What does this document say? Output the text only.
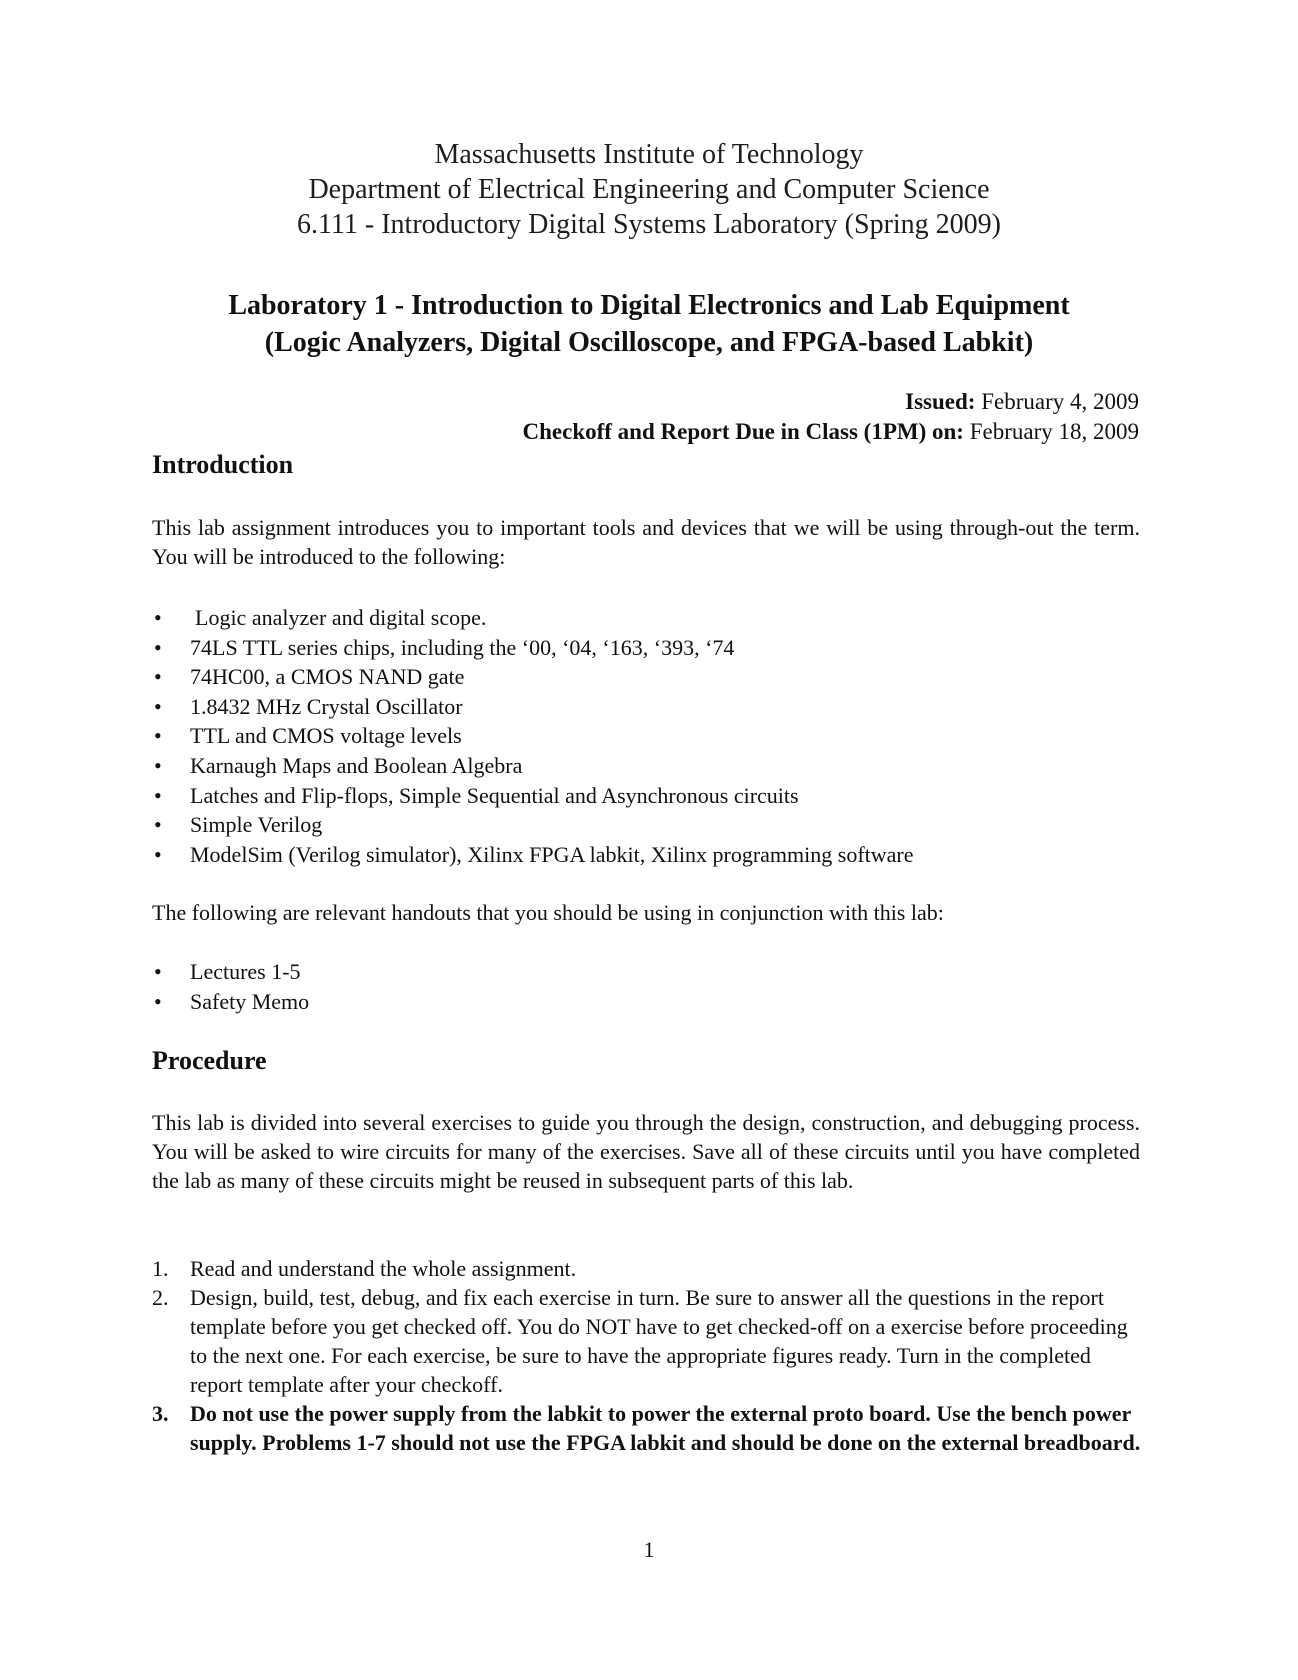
Massachusetts Institute of Technology
Department of Electrical Engineering and Computer Science
6.111 - Introductory Digital Systems Laboratory (Spring 2009)
Laboratory 1 - Introduction to Digital Electronics and Lab Equipment
(Logic Analyzers, Digital Oscilloscope, and FPGA-based Labkit)
Issued: February 4, 2009
Checkoff and Report Due in Class (1PM) on: February 18, 2009
Introduction

This lab assignment introduces you to important tools and devices that we will be using through-out the term. You will be introduced to the following:

• Logic analyzer and digital scope.
• 74LS TTL series chips, including the ‘00, ‘04, ‘163, ‘393, ‘74
• 74HC00, a CMOS NAND gate
• 1.8432 MHz Crystal Oscillator
• TTL and CMOS voltage levels
• Karnaugh Maps and Boolean Algebra
• Latches and Flip-flops, Simple Sequential and Asynchronous circuits
• Simple Verilog
• ModelSim (Verilog simulator), Xilinx FPGA labkit, Xilinx programming software

The following are relevant handouts that you should be using in conjunction with this lab:

• Lectures 1-5
• Safety Memo
Procedure

This lab is divided into several exercises to guide you through the design, construction, and debugging process. You will be asked to wire circuits for many of the exercises. Save all of these circuits until you have completed the lab as many of these circuits might be reused in subsequent parts of this lab.

1. Read and understand the whole assignment.
2. Design, build, test, debug, and fix each exercise in turn. Be sure to answer all the questions in the report template before you get checked off. You do NOT have to get checked-off on a exercise before proceeding to the next one. For each exercise, be sure to have the appropriate figures ready. Turn in the completed report template after your checkoff.
3. Do not use the power supply from the labkit to power the external proto board. Use the bench power supply. Problems 1-7 should not use the FPGA labkit and should be done on the external breadboard.
1
